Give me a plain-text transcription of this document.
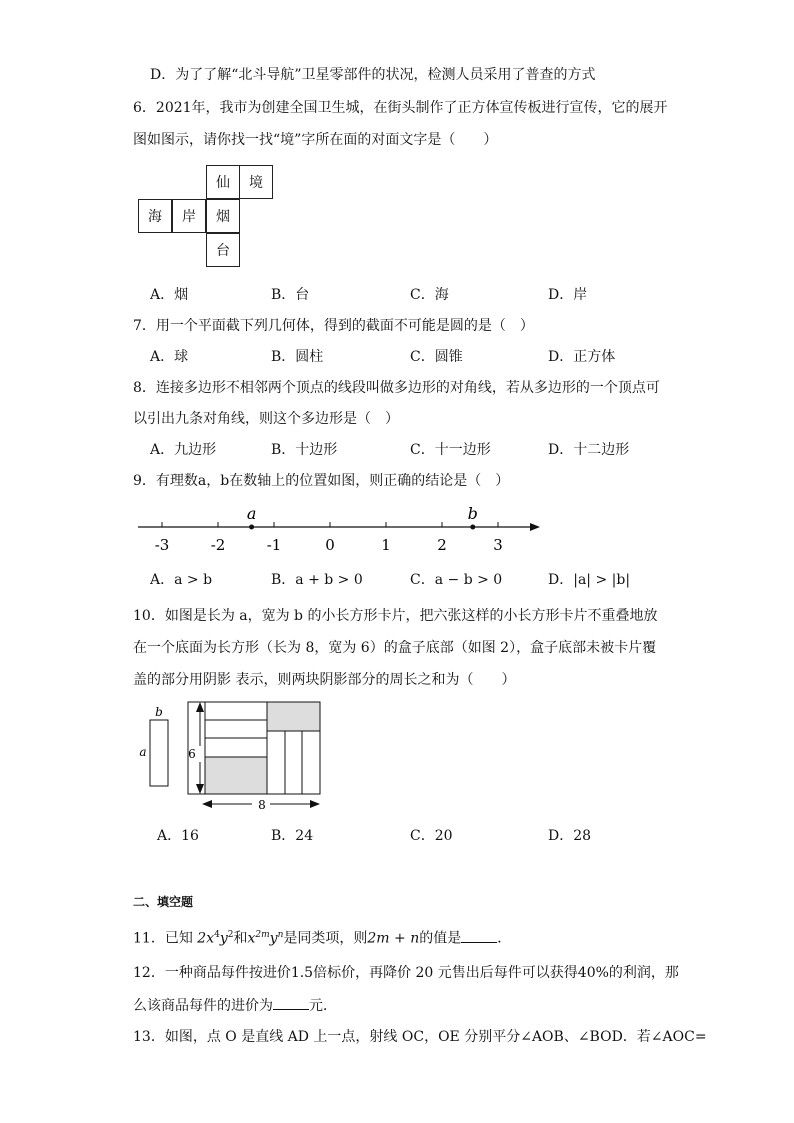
D．为了了解“北斗导航”卫星零部件的状况，检测人员采用了普查的方式
6．2021年，我市为创建全国卫生城，在街头制作了正方体宣传板进行宣传，它的展开
图如图示，请你找一找“境”字所在面的对面文字是（　　）
仙	境
海	岸	烟
台
A．烟	B．台	C．海	D．岸
7．用一个平面截下列几何体，得到的截面不可能是圆的是（　）
A．球	B．圆柱	C．圆锥	D．正方体
8．连接多边形不相邻两个顶点的线段叫做多边形的对角线，若从多边形的一个顶点可
以引出九条对角线，则这个多边形是（　）
A．九边形	B．十边形	C．十一边形	D．十二边形
9．有理数a，b在数轴上的位置如图，则正确的结论是（　）
-3	-2	-1	0	1	2	3
a	b
A．a > b	B．a + b > 0	C．a − b > 0	D．|a| > |b|
10．如图是长为 a，宽为 b 的小长方形卡片，把六张这样的小长方形卡片不重叠地放
在一个底面为长方形（长为 8，宽为 6）的盒子底部（如图 2），盒子底部未被卡片覆
盖的部分用阴影 表示，则两块阴影部分的周长之和为（　　）
b
a	6
8
A．16	B．24	C．20	D．28
二、填空题
11．已知 $2x^4y^2$和$x^{2m}y^n$是同类项，则2m + n的值是	．
12．一种商品每件按进价1.5倍标价，再降价 20 元售出后每件可以获得40%的利润，那
么该商品每件的进价为	元．
13．如图，点 O 是直线 AD 上一点，射线 OC，OE 分别平分∠AOB、∠BOD．若∠AOC=
